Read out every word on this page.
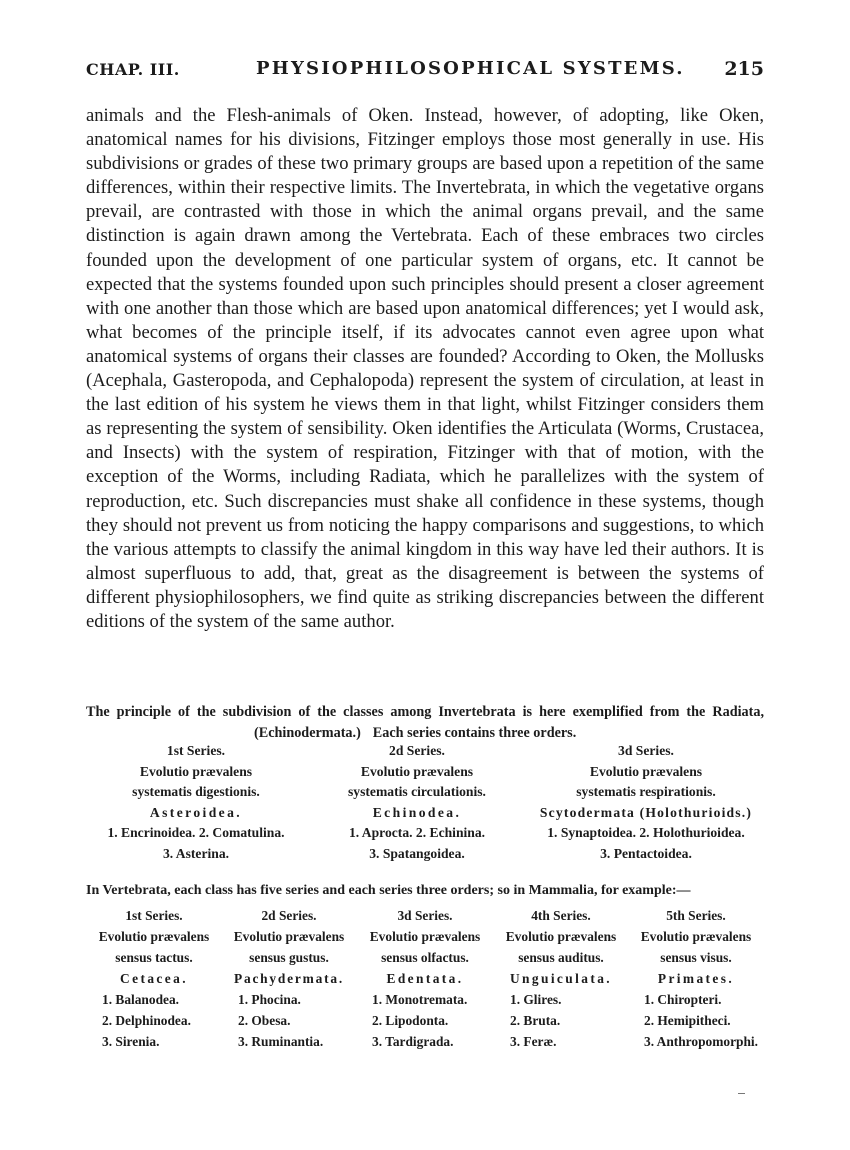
CHAP. III.	PHYSIOPHILOSOPHICAL SYSTEMS. 215

animals and the Flesh-animals of Oken. Instead, however, of adopting, like Oken, anatomical names for his divisions, Fitzinger employs those most generally in use. His subdivisions or grades of these two primary groups are based upon a repetition of the same differences, within their respective limits. The Invertebrata, in which the vegetative organs prevail, are contrasted with those in which the animal organs prevail, and the same distinction is again drawn among the Vertebrata. Each of these embraces two circles founded upon the development of one particular system of organs, etc. It cannot be expected that the systems founded upon such principles should present a closer agreement with one another than those which are based upon anatomical differences; yet I would ask, what becomes of the principle itself, if its advocates cannot even agree upon what anatomical systems of organs their classes are founded? According to Oken, the Mollusks (Acephala, Gasteropoda, and Cephalopoda) represent the system of circulation, at least in the last edition of his system he views them in that light, whilst Fitzinger considers them as representing the system of sensibility. Oken identifies the Articulata (Worms, Crustacea, and Insects) with the system of respiration, Fitzinger with that of motion, with the exception of the Worms, including Radiata, which he parallelizes with the system of reproduction, etc. Such discrepancies must shake all confidence in these systems, though they should not prevent us from noticing the happy comparisons and suggestions, to which the various attempts to classify the animal kingdom in this way have led their authors. It is almost superfluous to add, that, great as the disagreement is between the systems of different physiophilosophers, we find quite as striking discrepancies between the different editions of the system of the same author.

The principle of the subdivision of the classes among Invertebrata is here exemplified from the Radiata,
(Echinodermata.) Each series contains three orders.
1st Series.
Evolutio prævalens
systematis digestionis.
Asteroidea.
1. Encrinoidea. 2. Comatulina.
3. Asterina.
2d Series.
Evolutio prævalens
systematis circulationis.
Echinodea.
1. Aprocta. 2. Echinina.
3. Spatangoidea.
3d Series.
Evolutio prævalens
systematis respirationis.
Scytodermata (Holothurioids.)
1. Synaptoidea. 2. Holothurioidea.
3. Pentactoidea.
In Vertebrata, each class has five series and each series three orders; so in Mammalia, for example:—
1st Series.
Evolutio prævalens
sensus tactus.
Cetacea.
1. Balanodea.
2. Delphinodea.
3. Sirenia.
2d Series.
Evolutio prævalens
sensus gustus.
Pachydermata.
1. Phocina.
2. Obesa.
3. Ruminantia.
3d Series.
Evolutio prævalens
sensus olfactus.
Edentata.
1. Monotremata.
2. Lipodonta.
3. Tardigrada.
4th Series.
Evolutio prævalens
sensus auditus.
Unguiculata.
1. Glires.
2. Bruta.
3. Feræ.
5th Series.
Evolutio prævalens
sensus visus.
Primates.
1. Chiropteri.
2. Hemipitheci.
3. Anthropomorphi.
